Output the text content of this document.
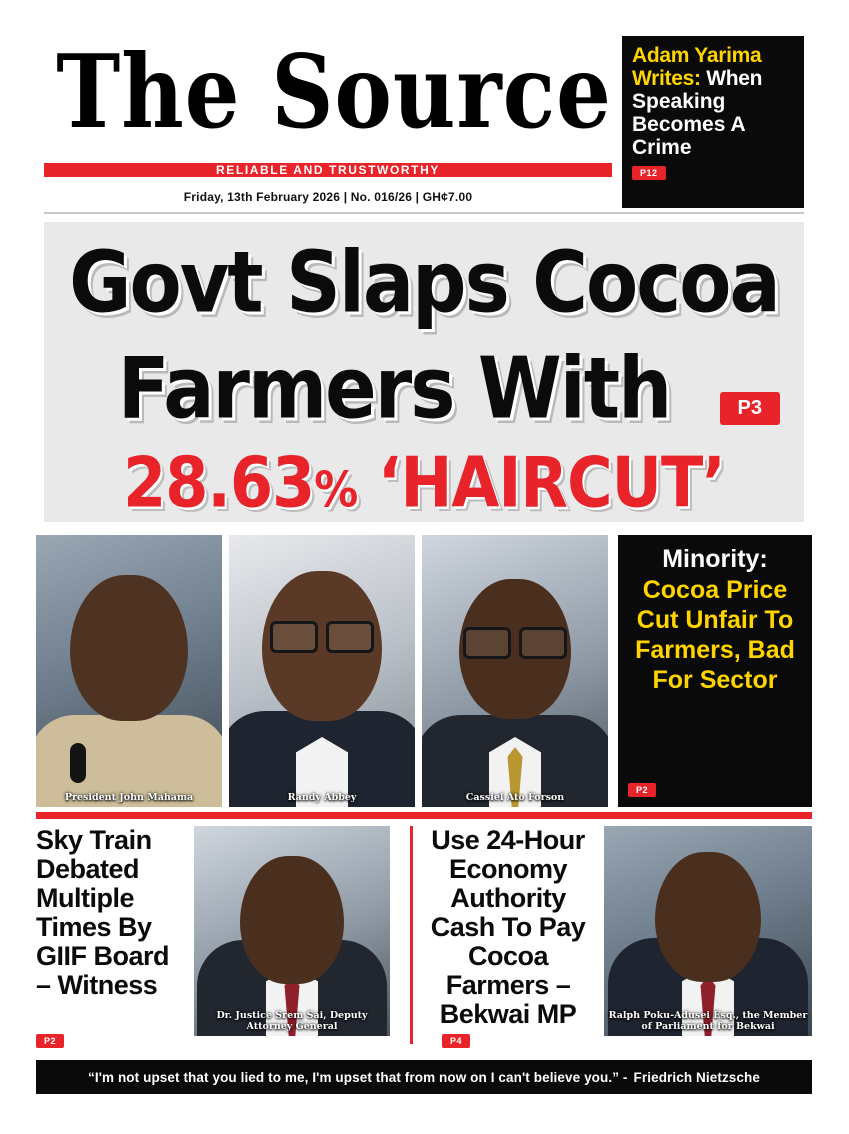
The Source
RELIABLE AND TRUSTWORTHY
Friday, 13th February 2026 | No. 016/26 | GH¢7.00
Adam Yarima
Writes: When
Speaking
Becomes A
Crime
P12
Govt Slaps Cocoa
Farmers With	P3
28.63% ‘HAIRCUT’
President John Mahama	Randy Abbey	Cassiel Ato Forson
Minority:
Cocoa Price Cut Unfair To Farmers, Bad For Sector
P2
Sky Train Debated Multiple Times By GIIF Board – Witness
P2
Dr. Justice Srem Sai, Deputy Attorney General
Use 24-Hour Economy Authority Cash To Pay Cocoa Farmers – Bekwai MP
P4
Ralph Poku-Adusei Esq., the Member of Parliament for Bekwai
“I'm not upset that you lied to me, I'm upset that from now on I can't believe you.” - Friedrich Nietzsche
